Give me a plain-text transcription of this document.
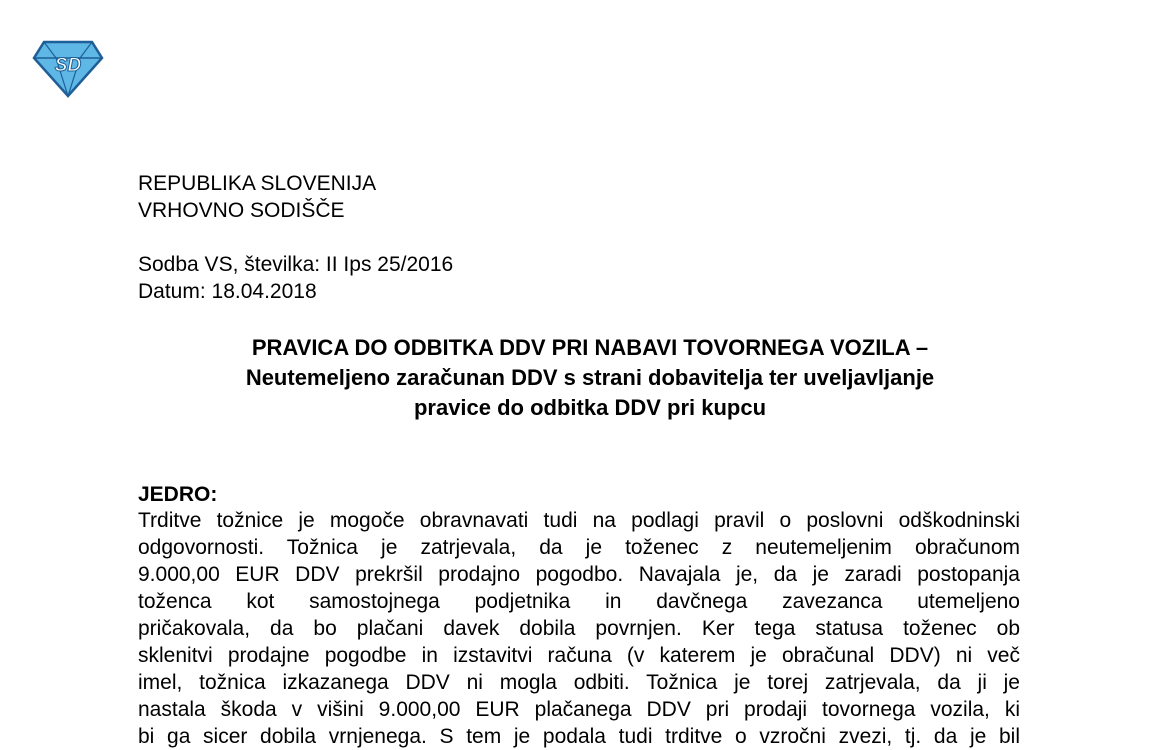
SD
REPUBLIKA SLOVENIJA
VRHOVNO SODIŠČE
Sodba VS, številka: II Ips 25/2016
Datum: 18.04.2018
PRAVICA DO ODBITKA DDV PRI NABAVI TOVORNEGA VOZILA –
Neutemeljeno zaračunan DDV s strani dobavitelja ter uveljavljanje
pravice do odbitka DDV pri kupcu
JEDRO:
Trditve tožnice je mogoče obravnavati tudi na podlagi pravil o poslovni odškodninski
odgovornosti. Tožnica je zatrjevala, da je toženec z neutemeljenim obračunom
9.000,00 EUR DDV prekršil prodajno pogodbo. Navajala je, da je zaradi postopanja
toženca kot samostojnega podjetnika in davčnega zavezanca utemeljeno
pričakovala, da bo plačani davek dobila povrnjen. Ker tega statusa toženec ob
sklenitvi prodajne pogodbe in izstavitvi računa (v katerem je obračunal DDV) ni več
imel, tožnica izkazanega DDV ni mogla odbiti. Tožnica je torej zatrjevala, da ji je
nastala škoda v višini 9.000,00 EUR plačanega DDV pri prodaji tovornega vozila, ki
bi ga sicer dobila vrnjenega. S tem je podala tudi trditve o vzročni zvezi, tj. da je bil
